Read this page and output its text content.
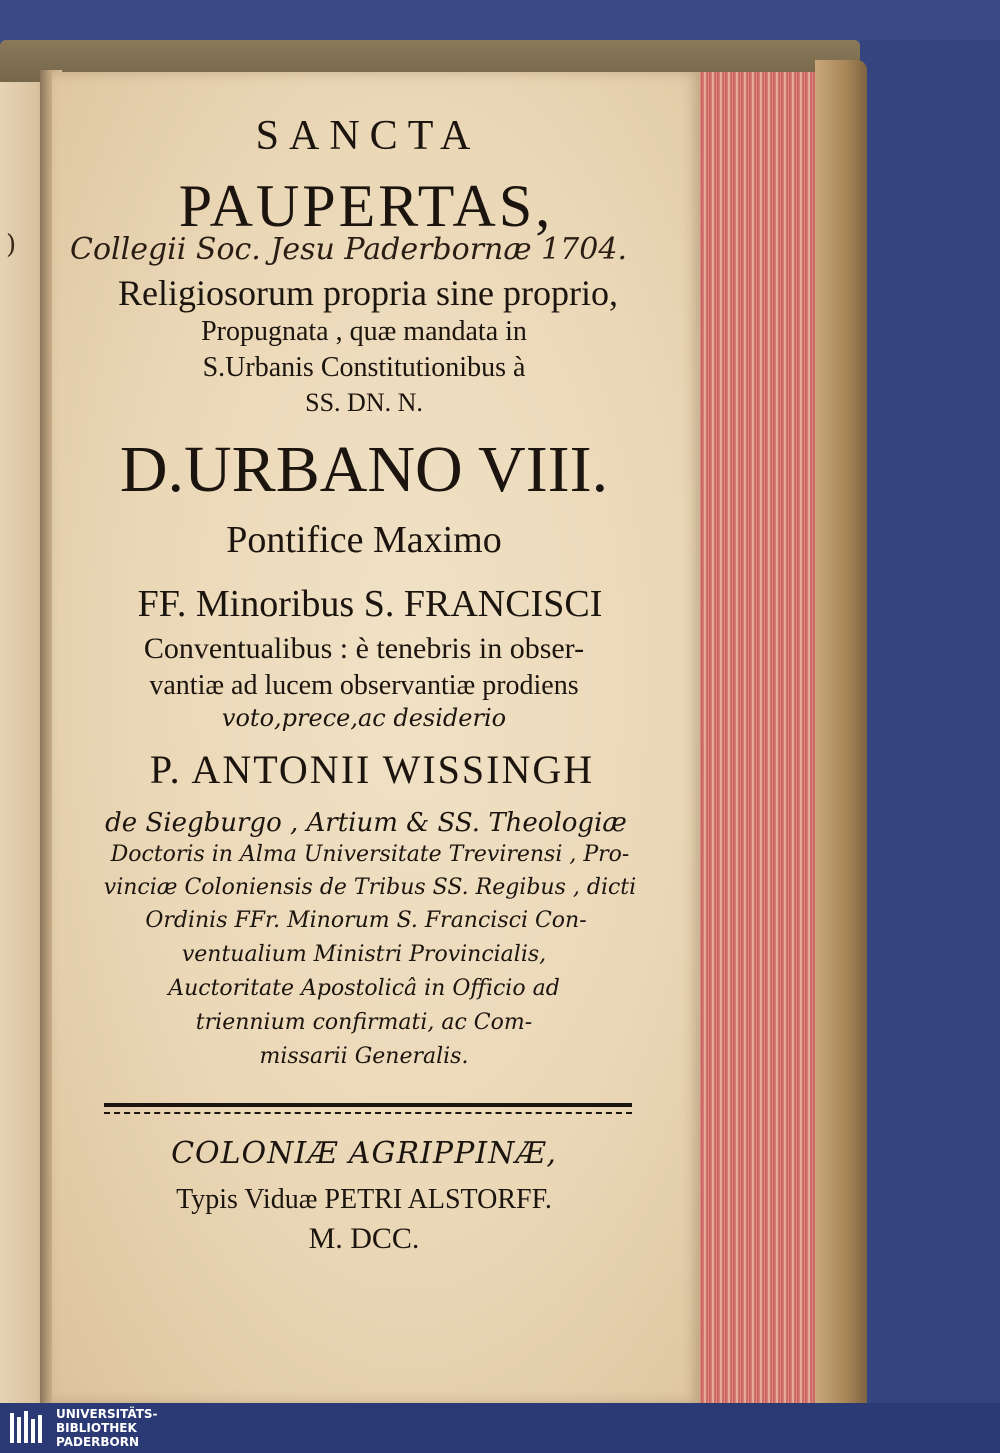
)
SANCTA
PAUPERTAS,
Collegii Soc. Jesu Paderbornæ 1704.
Religiosorum propria sine proprio,
Propugnata , quæ mandata in
S.Urbanis Constitutionibus à
SS. DN. N.
D.URBANO VIII.
Pontifice Maximo
FF. Minoribus S. FRANCISCI
Conventualibus : è tenebris in obser-
vantiæ ad lucem observantiæ prodiens
voto,prece,ac desiderio
P. ANTONII WISSINGH
de Siegburgo , Artium & SS. Theologiæ
Doctoris in Alma Universitate Trevirensi , Pro-
vinciæ Coloniensis de Tribus SS. Regibus , dicti
Ordinis FFr. Minorum S. Francisci Con-
ventualium Ministri Provincialis,
Auctoritate Apostolicâ in Officio ad
triennium confirmati, ac Com-
missarii Generalis.
COLONIÆ AGRIPPINÆ,
Typis Viduæ PETRI ALSTORFF.
M. DCC.
UNIVERSITÄTS-
BIBLIOTHEK
PADERBORN
